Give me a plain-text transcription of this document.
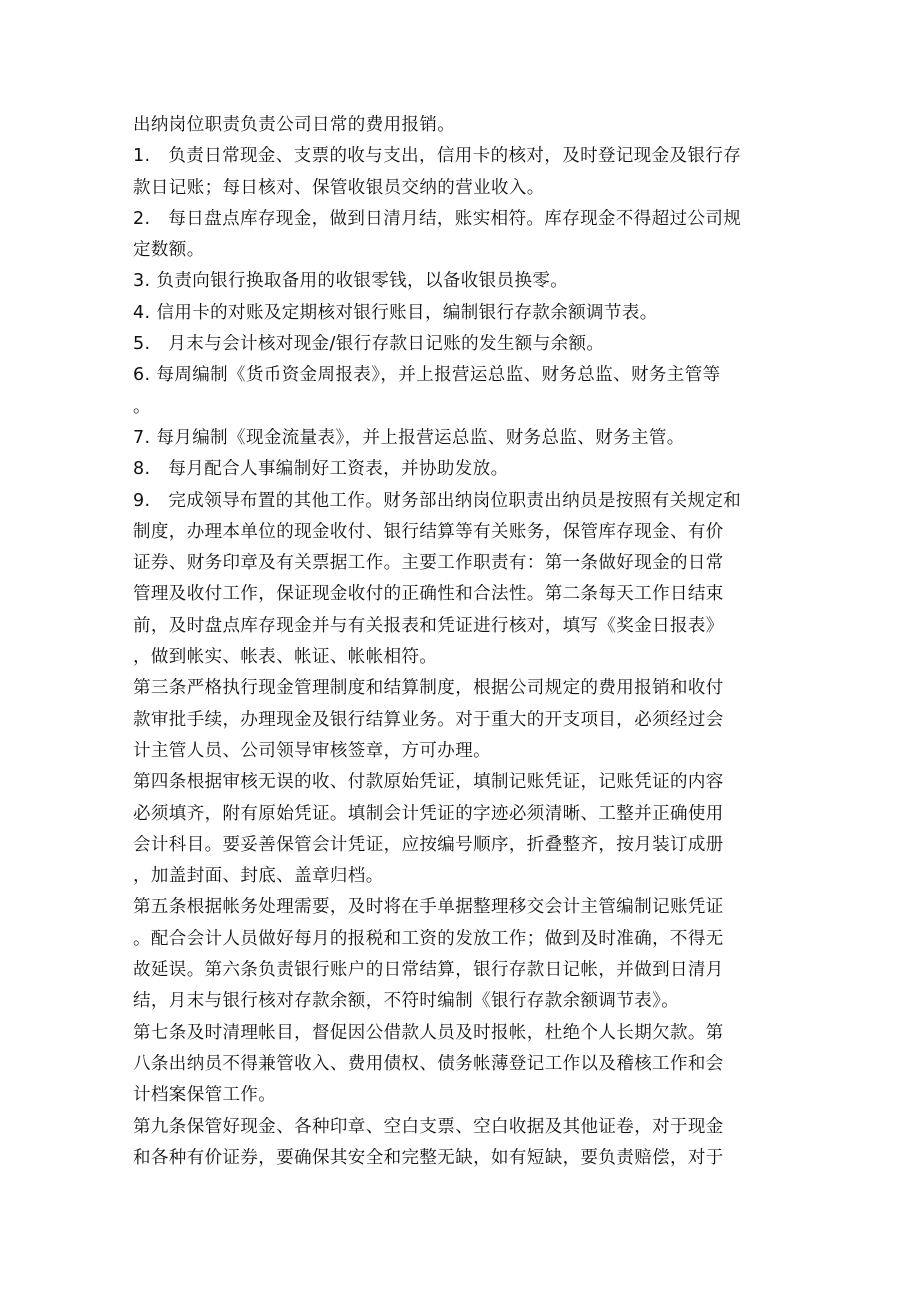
出纳岗位职责负责公司日常的费用报销。
1.　负责日常现金、支票的收与支出，信用卡的核对，及时登记现金及银行存
款日记账；每日核对、保管收银员交纳的营业收入。
2.　每日盘点库存现金，做到日清月结，账实相符。库存现金不得超过公司规
定数额。
3. 负责向银行换取备用的收银零钱，以备收银员换零。
4. 信用卡的对账及定期核对银行账目，编制银行存款余额调节表。
5.　月末与会计核对现金/银行存款日记账的发生额与余额。
6. 每周编制《货币资金周报表》，并上报营运总监、财务总监、财务主管等
。
7. 每月编制《现金流量表》，并上报营运总监、财务总监、财务主管。
8.　每月配合人事编制好工资表，并协助发放。
9.　完成领导布置的其他工作。财务部出纳岗位职责出纳员是按照有关规定和
制度，办理本单位的现金收付、银行结算等有关账务，保管库存现金、有价
证券、财务印章及有关票据工作。主要工作职责有：第一条做好现金的日常
管理及收付工作，保证现金收付的正确性和合法性。第二条每天工作日结束
前，及时盘点库存现金并与有关报表和凭证进行核对，填写《奖金日报表》
，做到帐实、帐表、帐证、帐帐相符。
第三条严格执行现金管理制度和结算制度，根据公司规定的费用报销和收付
款审批手续，办理现金及银行结算业务。对于重大的开支项目，必须经过会
计主管人员、公司领导审核签章，方可办理。
第四条根据审核无误的收、付款原始凭证，填制记账凭证，记账凭证的内容
必须填齐，附有原始凭证。填制会计凭证的字迹必须清晰、工整并正确使用
会计科目。要妥善保管会计凭证，应按编号顺序，折叠整齐，按月装订成册
，加盖封面、封底、盖章归档。
第五条根据帐务处理需要，及时将在手单据整理移交会计主管编制记账凭证
。配合会计人员做好每月的报税和工资的发放工作；做到及时准确，不得无
故延误。第六条负责银行账户的日常结算，银行存款日记帐，并做到日清月
结，月末与银行核对存款余额，不符时编制《银行存款余额调节表》。
第七条及时清理帐目，督促因公借款人员及时报帐，杜绝个人长期欠款。第
八条出纳员不得兼管收入、费用债权、债务帐薄登记工作以及稽核工作和会
计档案保管工作。
第九条保管好现金、各种印章、空白支票、空白收据及其他证卷，对于现金
和各种有价证券，要确保其安全和完整无缺，如有短缺，要负责赔偿，对于
